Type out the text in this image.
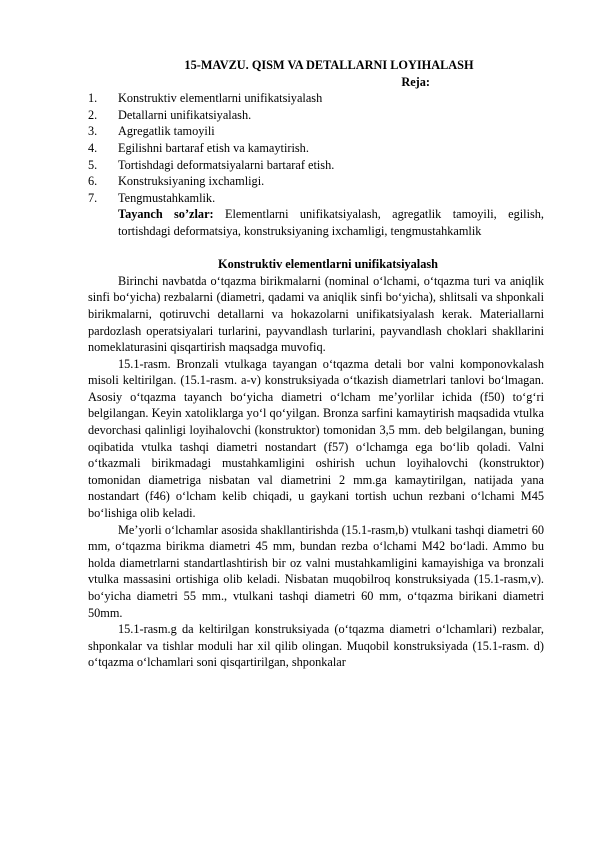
15-MAVZU. QISM VA DETALLARNI LOYIHALASH

Reja:

1.	Konstruktiv elementlarni unifikatsiyalash
2.	Detallarni unifikatsiyalash.
3.	Agregatlik tamoyili
4.	Egilishni bartaraf etish va kamaytirish.
5.	Tortishdagi deformatsiyalarni bartaraf etish.
6.	Konstruksiyaning ixchamligi.
7.	Tengmustahkamlik.
Tayanch so’zlar: Elementlarni unifikatsiyalash, agregatlik tamoyili, egilish, tortishdagi deformatsiya, konstruksiyaning ixchamligi, tengmustahkamlik

Konstruktiv elementlarni unifikatsiyalash

Birinchi navbatda o‘tqazma birikmalarni (nominal o‘lchami, o‘tqazma turi va aniqlik sinfi bo‘yicha) rezbalarni (diametri, qadami va aniqlik sinfi bo‘yicha), shlitsali va shponkali birikmalarni, qotiruvchi detallarni va hokazolarni unifikatsiyalash kerak. Materiallarni pardozlash operatsiyalari turlarini, payvandlash turlarini, payvandlash choklari shakllarini nomeklaturasini qisqartirish maqsadga muvofiq.

15.1-rasm. Bronzali vtulkaga tayangan o‘tqazma detali bor valni komponovkalash misoli keltirilgan. (15.1-rasm. a-v) konstruksiyada o‘tkazish diametrlari tanlovi bo‘lmagan. Asosiy o‘tqazma tayanch bo‘yicha diametri o‘lcham me’yorlilar ichida (f50) to‘g‘ri belgilangan. Keyin xatoliklarga yo‘l qo‘yilgan. Bronza sarfini kamaytirish maqsadida vtulka devorchasi qalinligi loyihalovchi (konstruktor) tomonidan 3,5 mm. deb belgilangan, buning oqibatida vtulka tashqi diametri nostandart (f57) o‘lchamga ega bo‘lib qoladi. Valni o‘tkazmali birikmadagi mustahkamligini oshirish uchun loyihalovchi (konstruktor) tomonidan diametriga nisbatan val diametrini 2 mm.ga kamaytirilgan, natijada yana nostandart (f46) o‘lcham kelib chiqadi, u gaykani tortish uchun rezbani o‘lchami M45 bo‘lishiga olib keladi.

Me’yorli o‘lchamlar asosida shakllantirishda (15.1-rasm,b) vtulkani tashqi diametri 60 mm, o‘tqazma birikma diametri 45 mm, bundan rezba o‘lchami M42 bo‘ladi. Ammo bu holda diametrlarni standartlashtirish bir oz valni mustahkamligini kamayishiga va bronzali vtulka massasini ortishiga olib keladi. Nisbatan muqobilroq konstruksiyada (15.1-rasm,v). bo‘yicha diametri 55 mm., vtulkani tashqi diametri 60 mm, o‘tqazma birikani diametri 50mm.

15.1-rasm.g da keltirilgan konstruksiyada (o‘tqazma diametri o‘lchamlari) rezbalar, shponkalar va tishlar moduli har xil qilib olingan. Muqobil konstruksiyada (15.1-rasm. d) o‘tqazma o‘lchamlari soni qisqartirilgan, shponkalar
